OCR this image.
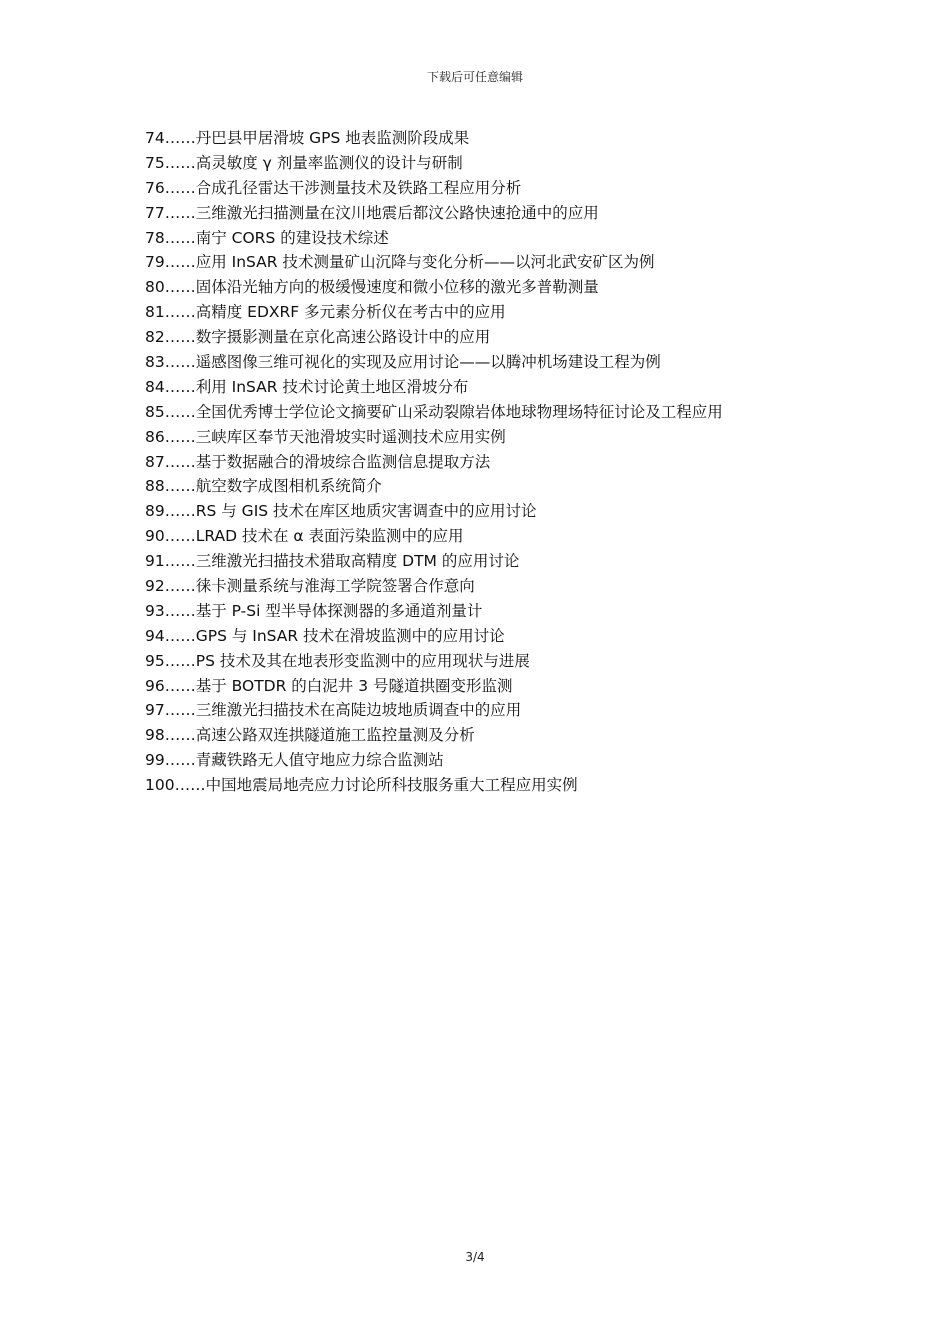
下载后可任意编辑
74……丹巴县甲居滑坡 GPS 地表监测阶段成果
75……高灵敏度 γ 剂量率监测仪的设计与研制
76……合成孔径雷达干涉测量技术及铁路工程应用分析
77……三维激光扫描测量在汶川地震后都汶公路快速抢通中的应用
78……南宁 CORS 的建设技术综述
79……应用 InSAR 技术测量矿山沉降与变化分析——以河北武安矿区为例
80……固体沿光轴方向的极缓慢速度和微小位移的激光多普勒测量
81……高精度 EDXRF 多元素分析仪在考古中的应用
82……数字摄影测量在京化高速公路设计中的应用
83……遥感图像三维可视化的实现及应用讨论——以腾冲机场建设工程为例
84……利用 InSAR 技术讨论黄土地区滑坡分布
85……全国优秀博士学位论文摘要矿山采动裂隙岩体地球物理场特征讨论及工程应用
86……三峡库区奉节天池滑坡实时遥测技术应用实例
87……基于数据融合的滑坡综合监测信息提取方法
88……航空数字成图相机系统简介
89……RS 与 GIS 技术在库区地质灾害调查中的应用讨论
90……LRAD 技术在 α 表面污染监测中的应用
91……三维激光扫描技术猎取高精度 DTM 的应用讨论
92……徕卡测量系统与淮海工学院签署合作意向
93……基于 P-Si 型半导体探测器的多通道剂量计
94……GPS 与 InSAR 技术在滑坡监测中的应用讨论
95……PS 技术及其在地表形变监测中的应用现状与进展
96……基于 BOTDR 的白泥井 3 号隧道拱圈变形监测
97……三维激光扫描技术在高陡边坡地质调查中的应用
98……高速公路双连拱隧道施工监控量测及分析
99……青藏铁路无人值守地应力综合监测站
100……中国地震局地壳应力讨论所科技服务重大工程应用实例
3/4
